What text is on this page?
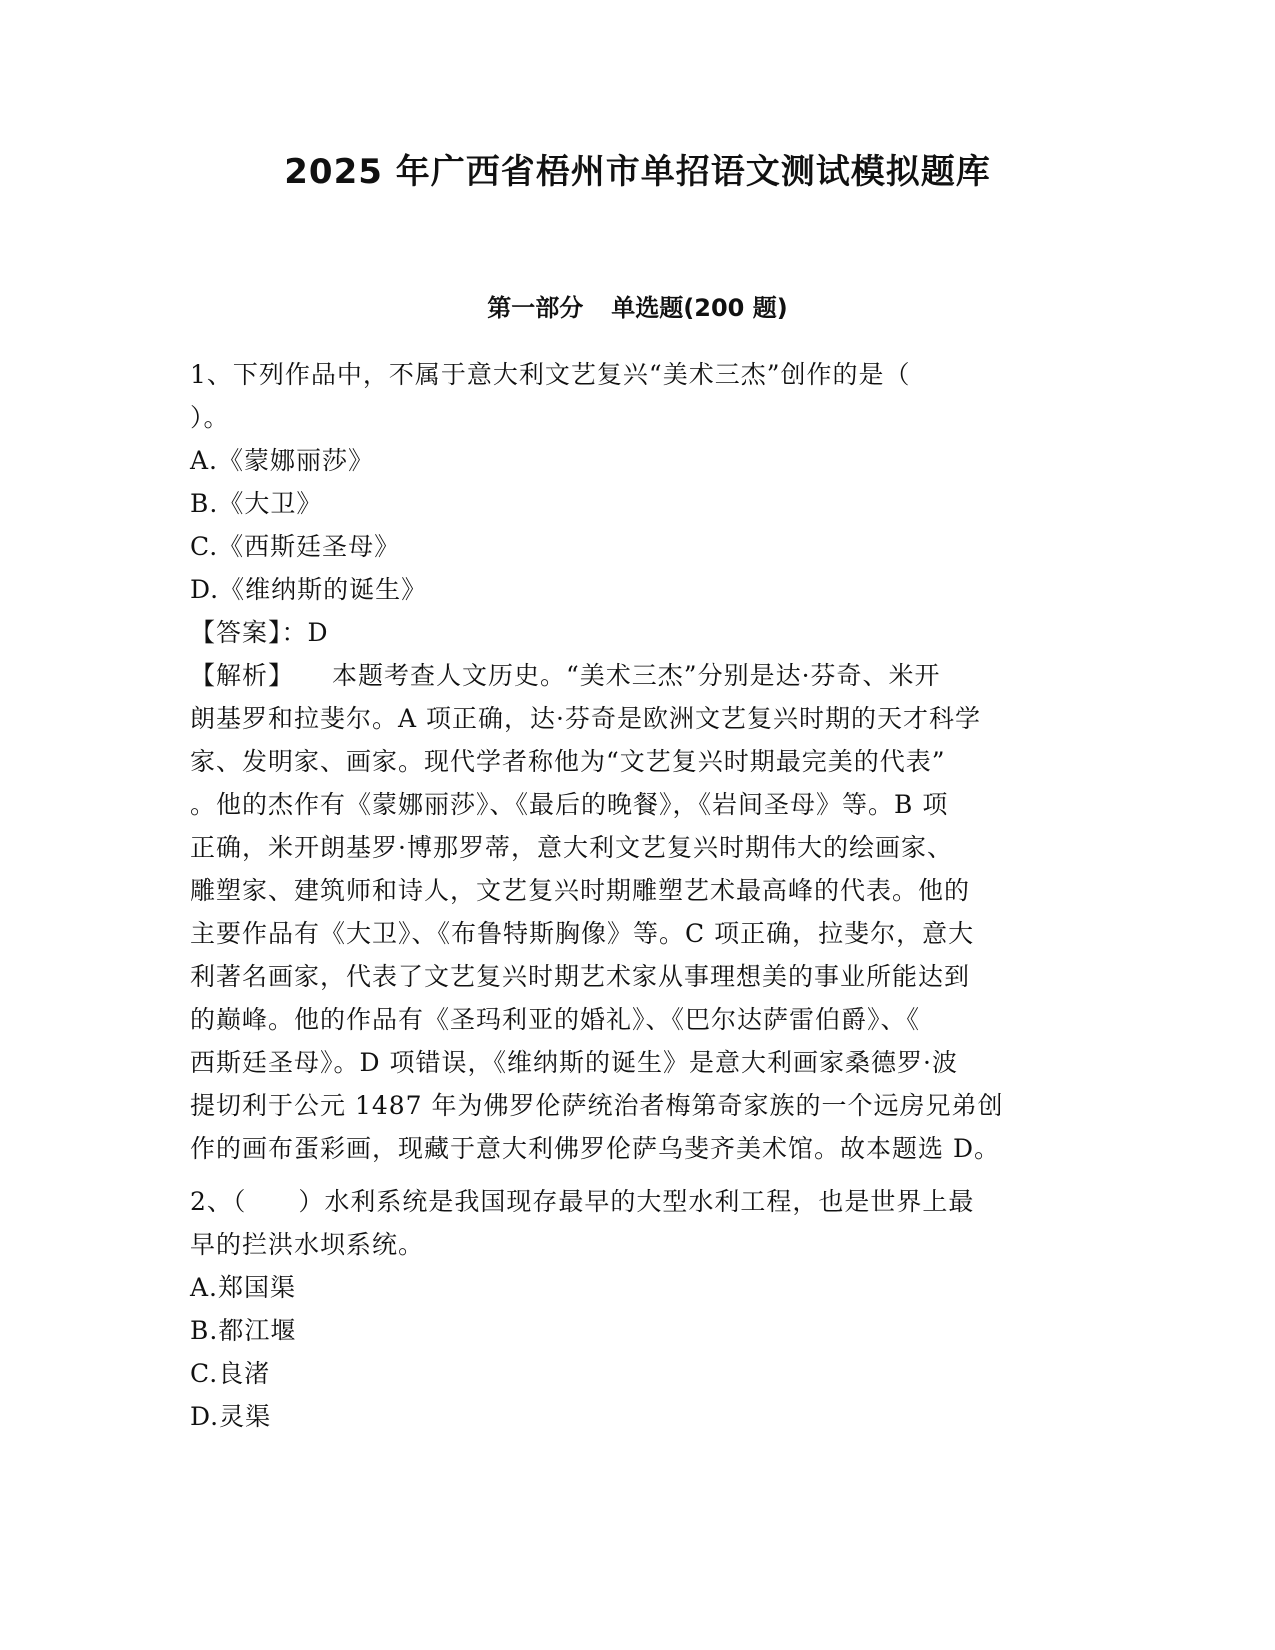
2025 年广西省梧州市单招语文测试模拟题库
第一部分 单选题(200 题)
1、下列作品中，不属于意大利文艺复兴“美术三杰”创作的是（
）。
A.《蒙娜丽莎》
B.《大卫》
C.《西斯廷圣母》
D.《维纳斯的诞生》
【答案】：D
【解析】 本题考查人文历史。“美术三杰”分别是达·芬奇、米开
朗基罗和拉斐尔。A 项正确，达·芬奇是欧洲文艺复兴时期的天才科学
家、发明家、画家。现代学者称他为“文艺复兴时期最完美的代表”
。他的杰作有《蒙娜丽莎》、《最后的晚餐》，《岩间圣母》等。B 项
正确，米开朗基罗·博那罗蒂，意大利文艺复兴时期伟大的绘画家、
雕塑家、建筑师和诗人，文艺复兴时期雕塑艺术最高峰的代表。他的
主要作品有《大卫》、《布鲁特斯胸像》等。C 项正确，拉斐尔，意大
利著名画家，代表了文艺复兴时期艺术家从事理想美的事业所能达到
的巅峰。他的作品有《圣玛利亚的婚礼》、《巴尔达萨雷伯爵》、《
西斯廷圣母》。D 项错误，《维纳斯的诞生》是意大利画家桑德罗·波
提切利于公元 1487 年为佛罗伦萨统治者梅第奇家族的一个远房兄弟创
作的画布蛋彩画，现藏于意大利佛罗伦萨乌斐齐美术馆。故本题选 D。
2、（　　）水利系统是我国现存最早的大型水利工程，也是世界上最
早的拦洪水坝系统。
A.郑国渠
B.都江堰
C.良渚
D.灵渠
